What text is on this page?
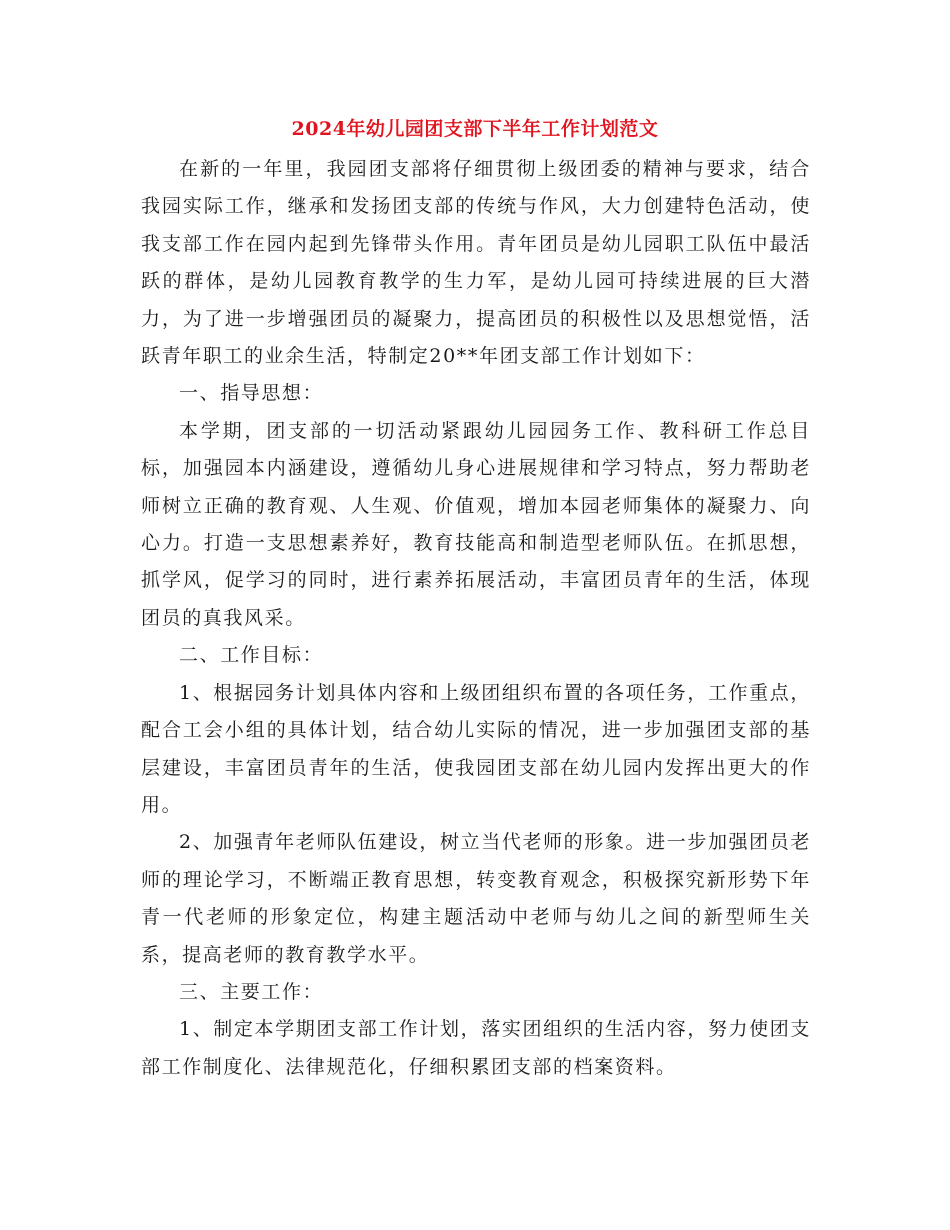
2024年幼儿园团支部下半年工作计划范文

在新的一年里，我园团支部将仔细贯彻上级团委的精神与要求，结合我园实际工作，继承和发扬团支部的传统与作风，大力创建特色活动，使我支部工作在园内起到先锋带头作用。青年团员是幼儿园职工队伍中最活跃的群体，是幼儿园教育教学的生力军，是幼儿园可持续进展的巨大潜力，为了进一步增强团员的凝聚力，提高团员的积极性以及思想觉悟，活跃青年职工的业余生活，特制定20**年团支部工作计划如下：

一、指导思想：

本学期，团支部的一切活动紧跟幼儿园园务工作、教科研工作总目标，加强园本内涵建设，遵循幼儿身心进展规律和学习特点，努力帮助老师树立正确的教育观、人生观、价值观，增加本园老师集体的凝聚力、向心力。打造一支思想素养好，教育技能高和制造型老师队伍。在抓思想，抓学风，促学习的同时，进行素养拓展活动，丰富团员青年的生活，体现团员的真我风采。

二、工作目标：

1、根据园务计划具体内容和上级团组织布置的各项任务，工作重点，配合工会小组的具体计划，结合幼儿实际的情况，进一步加强团支部的基层建设，丰富团员青年的生活，使我园团支部在幼儿园内发挥出更大的作用。

2、加强青年老师队伍建设，树立当代老师的形象。进一步加强团员老师的理论学习，不断端正教育思想，转变教育观念，积极探究新形势下年青一代老师的形象定位，构建主题活动中老师与幼儿之间的新型师生关系，提高老师的教育教学水平。

三、主要工作：

1、制定本学期团支部工作计划，落实团组织的生活内容，努力使团支部工作制度化、法律规范化，仔细积累团支部的档案资料。
